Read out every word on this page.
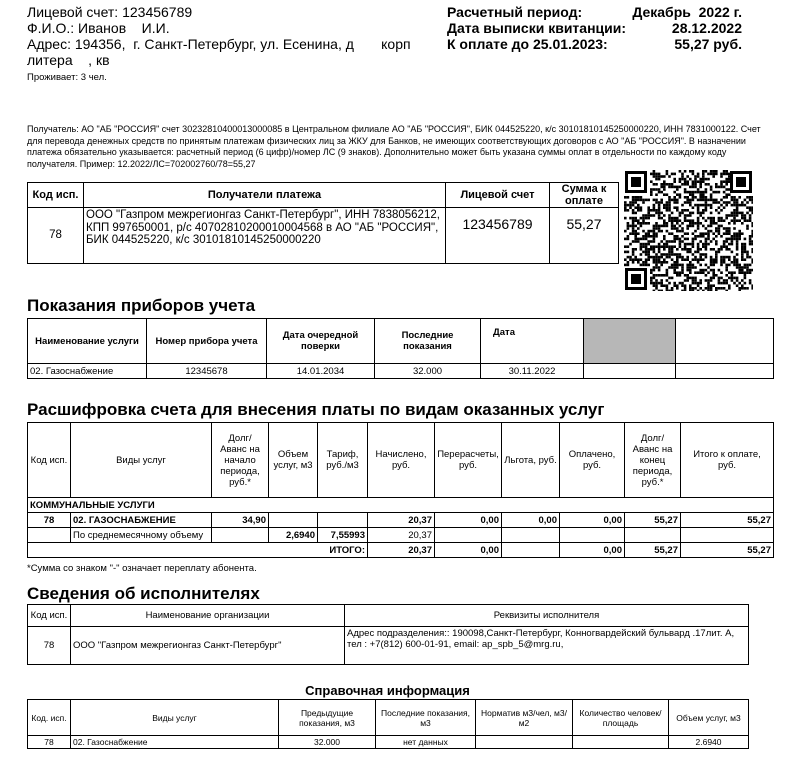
Лицевой счет: 123456789
Ф.И.О.: Иванов    И.И.
Адрес: 194356,  г. Санкт-Петербург, ул. Есенина, д       корп
литера    , кв
Проживает: 3 чел.
Расчетный период:	Декабрь  2022 г.
Дата выписки квитанции:	28.12.2022
К оплате до 25.01.2023:	55,27 руб.
Получатель: АО "АБ "РОССИЯ" счет 30232810400013000085 в Центральном филиале АО "АБ "РОССИЯ", БИК 044525220, к/с 30101810145250000220, ИНН 7831000122. Счет для перевода денежных средств по принятым платежам физических лиц за ЖКУ для Банков, не имеющих соответствующих договоров с АО "АБ "РОССИЯ". В назначении платежа обязательно указывается: расчетный период (6 цифр)/номер ЛС (9 знаков). Дополнительно может быть указана суммы оплат в отдельности по каждому коду получателя. Пример: 12.2022/ЛС=702002760/78=55,27
Код исп.	Получатели платежа	Лицевой счет	Сумма к оплате
78	ООО "Газпром межрегионгаз Санкт-Петербург", ИНН 7838056212, КПП 997650001, р/с 40702810200010004568 в АО "АБ "РОССИЯ", БИК 044525220, к/с 30101810145250000220	123456789	55,27
Показания приборов учета
Наименование услуги	Номер прибора учета	Дата очередной поверки	Последние показания	Дата		
02. Газоснабжение	12345678	14.01.2034	32.000	30.11.2022		
Расшифровка счета для внесения платы по видам оказанных услуг
Код исп.	Виды услуг	Долг/ Аванс на начало периода, руб.*	Объем услуг, м3	Тариф, руб./м3	Начислено, руб.	Перерасчеты, руб.	Льгота, руб.	Оплачено, руб.	Долг/ Аванс на конец периода, руб.*	Итого к оплате, руб.
КОММУНАЛЬНЫЕ УСЛУГИ										
78	02. ГАЗОСНАБЖЕНИЕ	34,90			20,37	0,00	0,00	0,00	55,27	55,27
	По среднемесячному объему		2,6940	7,55993	20,37					
ИТОГО:					20,37	0,00		0,00	55,27	55,27
*Сумма со знаком "-" означает переплату абонента.
Сведения об исполнителях
Код исп.	Наименование организации	Реквизиты исполнителя
78	ООО "Газпром межрегионгаз Санкт-Петербург"	Адрес подразделения:: 190098,Санкт-Петербург, Конногвардейский бульвард .17лит. А, тел : +7(812) 600-01-91, email: ap_spb_5@mrg.ru,
Справочная информация
Код. исп.	Виды услуг	Предыдущие показания, м3	Последние показания, м3	Норматив м3/чел, м3/м2	Количество человек/ площадь	Объем услуг, м3
78	02. Газоснабжение	32.000	нет данных			2.6940
